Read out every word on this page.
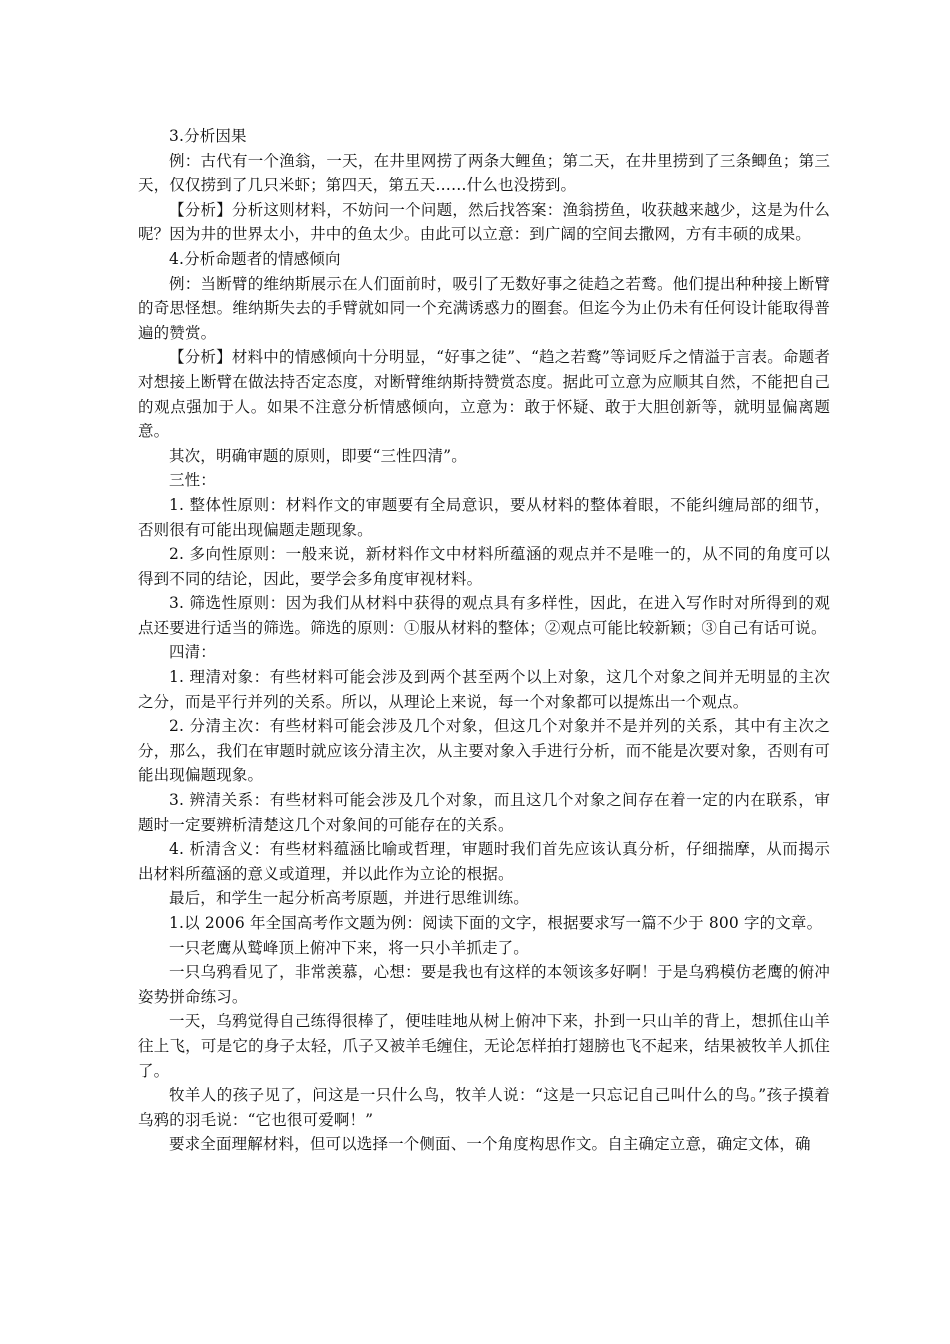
3.分析因果

例：古代有一个渔翁，一天，在井里网捞了两条大鲤鱼；第二天，在井里捞到了三条鲫鱼；第三天，仅仅捞到了几只米虾；第四天，第五天……什么也没捞到。

【分析】分析这则材料，不妨问一个问题，然后找答案：渔翁捞鱼，收获越来越少，这是为什么呢？因为井的世界太小，井中的鱼太少。由此可以立意：到广阔的空间去撒网，方有丰硕的成果。

4.分析命题者的情感倾向

例：当断臂的维纳斯展示在人们面前时，吸引了无数好事之徒趋之若鹜。他们提出种种接上断臂的奇思怪想。维纳斯失去的手臂就如同一个充满诱惑力的圈套。但迄今为止仍未有任何设计能取得普遍的赞赏。

【分析】材料中的情感倾向十分明显，“好事之徒”、“趋之若鹜”等词贬斥之情溢于言表。命题者对想接上断臂在做法持否定态度，对断臂维纳斯持赞赏态度。据此可立意为应顺其自然，不能把自己的观点强加于人。如果不注意分析情感倾向，立意为：敢于怀疑、敢于大胆创新等，就明显偏离题意。

其次，明确审题的原则，即要“三性四清”。

三性：

1. 整体性原则：材料作文的审题要有全局意识，要从材料的整体着眼，不能纠缠局部的细节，否则很有可能出现偏题走题现象。

2. 多向性原则：一般来说，新材料作文中材料所蕴涵的观点并不是唯一的，从不同的角度可以得到不同的结论，因此，要学会多角度审视材料。

3. 筛选性原则：因为我们从材料中获得的观点具有多样性，因此，在进入写作时对所得到的观点还要进行适当的筛选。筛选的原则：①服从材料的整体；②观点可能比较新颖；③自己有话可说。

四清：

1. 理清对象：有些材料可能会涉及到两个甚至两个以上对象，这几个对象之间并无明显的主次之分，而是平行并列的关系。所以，从理论上来说，每一个对象都可以提炼出一个观点。

2. 分清主次：有些材料可能会涉及几个对象，但这几个对象并不是并列的关系，其中有主次之分，那么，我们在审题时就应该分清主次，从主要对象入手进行分析，而不能是次要对象，否则有可能出现偏题现象。

3. 辨清关系：有些材料可能会涉及几个对象，而且这几个对象之间存在着一定的内在联系，审题时一定要辨析清楚这几个对象间的可能存在的关系。

4. 析清含义：有些材料蕴涵比喻或哲理，审题时我们首先应该认真分析，仔细揣摩，从而揭示出材料所蕴涵的意义或道理，并以此作为立论的根据。

最后，和学生一起分析高考原题，并进行思维训练。

1.以 2006 年全国高考作文题为例：阅读下面的文字，根据要求写一篇不少于 800 字的文章。

一只老鹰从鹫峰顶上俯冲下来，将一只小羊抓走了。

一只乌鸦看见了，非常羡慕，心想：要是我也有这样的本领该多好啊！于是乌鸦模仿老鹰的俯冲姿势拼命练习。

一天，乌鸦觉得自己练得很棒了，便哇哇地从树上俯冲下来，扑到一只山羊的背上，想抓住山羊往上飞，可是它的身子太轻，爪子又被羊毛缠住，无论怎样拍打翅膀也飞不起来，结果被牧羊人抓住了。

牧羊人的孩子见了，问这是一只什么鸟，牧羊人说：“这是一只忘记自己叫什么的鸟。”孩子摸着乌鸦的羽毛说：“它也很可爱啊！”

要求全面理解材料，但可以选择一个侧面、一个角度构思作文。自主确定立意，确定文体，确
